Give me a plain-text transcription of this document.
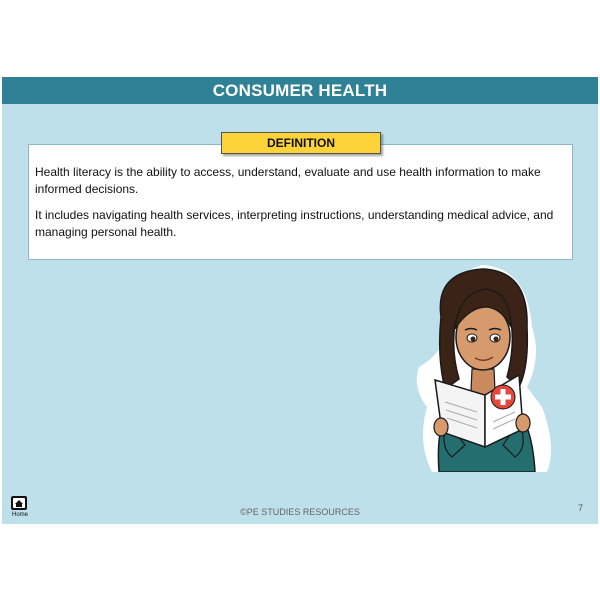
CONSUMER HEALTH

Health literacy is the ability to access, understand, evaluate and use health information to make informed decisions.

It includes navigating health services, interpreting instructions, understanding medical advice, and managing personal health.

DEFINITION
Home	©PE STUDIES RESOURCES	7
